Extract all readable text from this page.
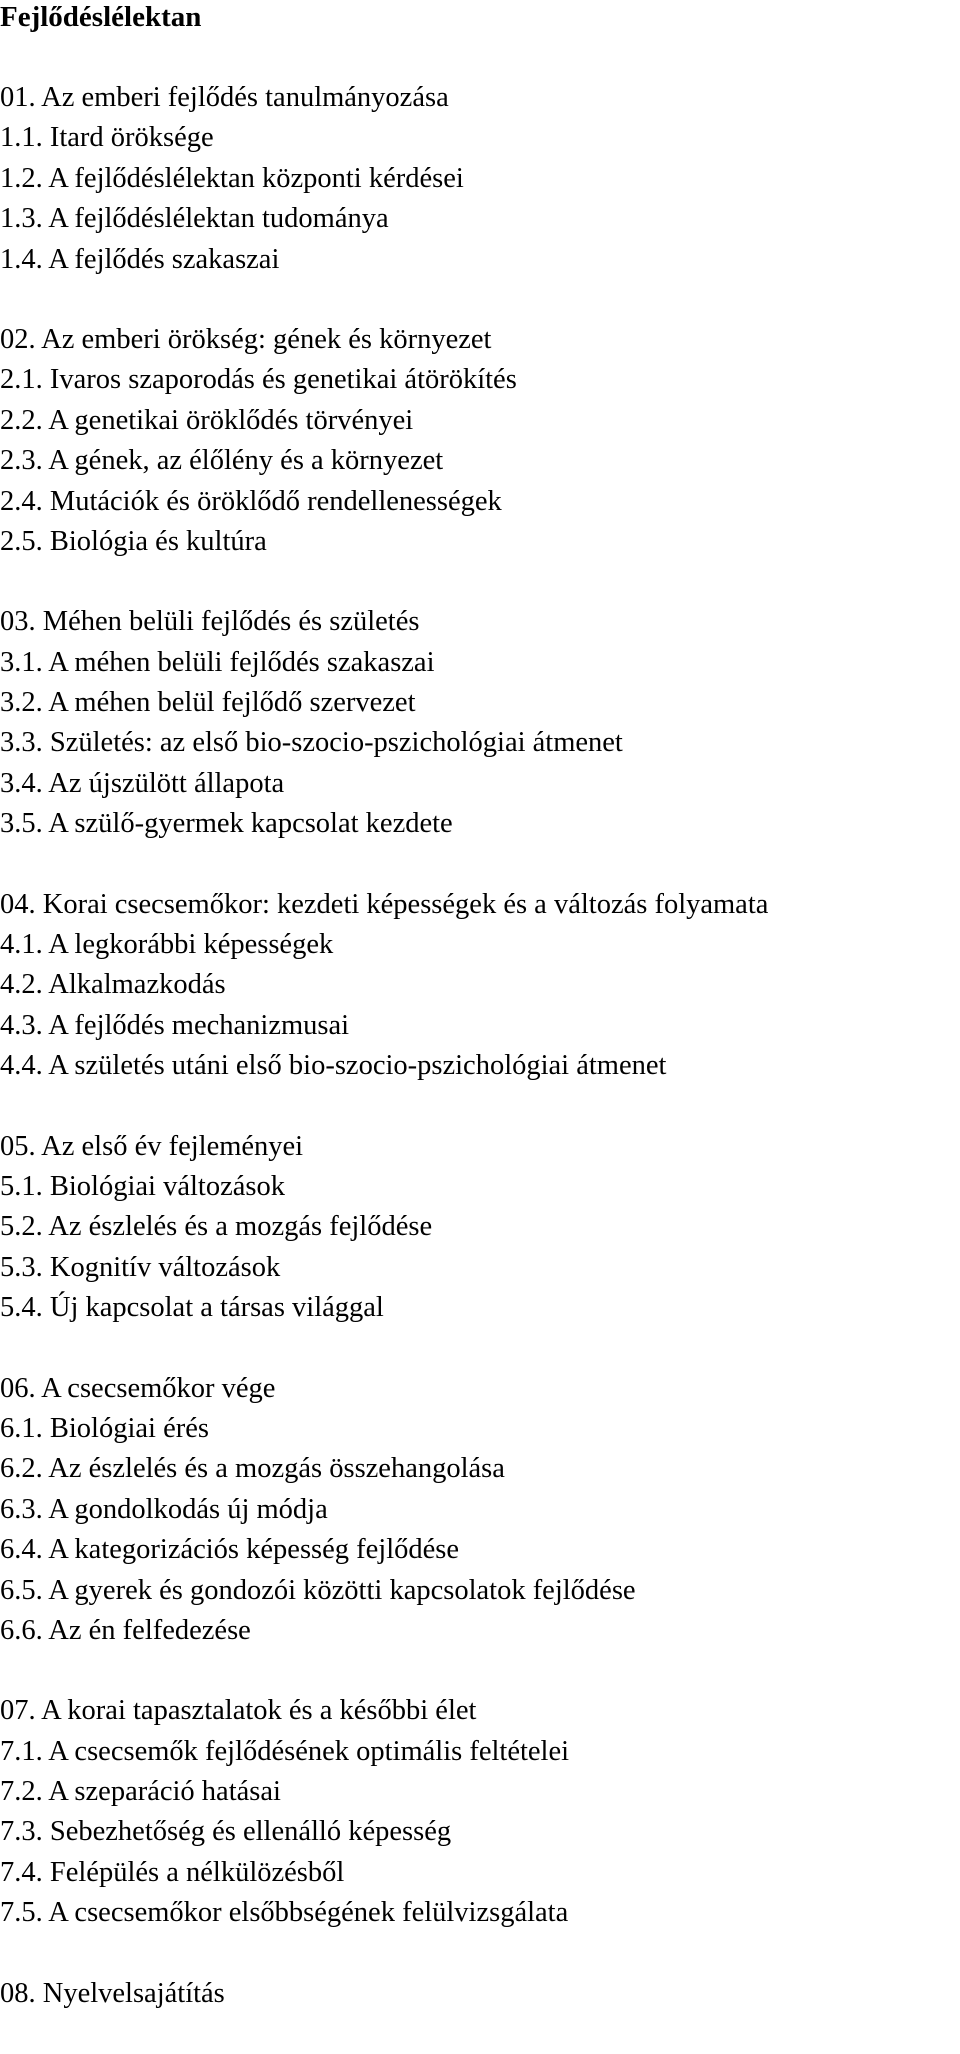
Fejlődéslélektan
01. Az emberi fejlődés tanulmányozása
1.1. Itard öröksége
1.2. A fejlődéslélektan központi kérdései
1.3. A fejlődéslélektan tudománya
1.4. A fejlődés szakaszai
02. Az emberi örökség: gének és környezet
2.1. Ivaros szaporodás és genetikai átörökítés
2.2. A genetikai öröklődés törvényei
2.3. A gének, az élőlény és a környezet
2.4. Mutációk és öröklődő rendellenességek
2.5. Biológia és kultúra
03. Méhen belüli fejlődés és születés
3.1. A méhen belüli fejlődés szakaszai
3.2. A méhen belül fejlődő szervezet
3.3. Születés: az első bio-szocio-pszichológiai átmenet
3.4. Az újszülött állapota
3.5. A szülő-gyermek kapcsolat kezdete
04. Korai csecsemőkor: kezdeti képességek és a változás folyamata
4.1. A legkorábbi képességek
4.2. Alkalmazkodás
4.3. A fejlődés mechanizmusai
4.4. A születés utáni első bio-szocio-pszichológiai átmenet
05. Az első év fejleményei
5.1. Biológiai változások
5.2. Az észlelés és a mozgás fejlődése
5.3. Kognitív változások
5.4. Új kapcsolat a társas világgal
06. A csecsemőkor vége
6.1. Biológiai érés
6.2. Az észlelés és a mozgás összehangolása
6.3. A gondolkodás új módja
6.4. A kategorizációs képesség fejlődése
6.5. A gyerek és gondozói közötti kapcsolatok fejlődése
6.6. Az én felfedezése
07. A korai tapasztalatok és a későbbi élet
7.1. A csecsemők fejlődésének optimális feltételei
7.2. A szeparáció hatásai
7.3. Sebezhetőség és ellenálló képesség
7.4. Felépülés a nélkülözésből
7.5. A csecsemőkor elsőbbségének felülvizsgálata
08. Nyelvelsajátítás
